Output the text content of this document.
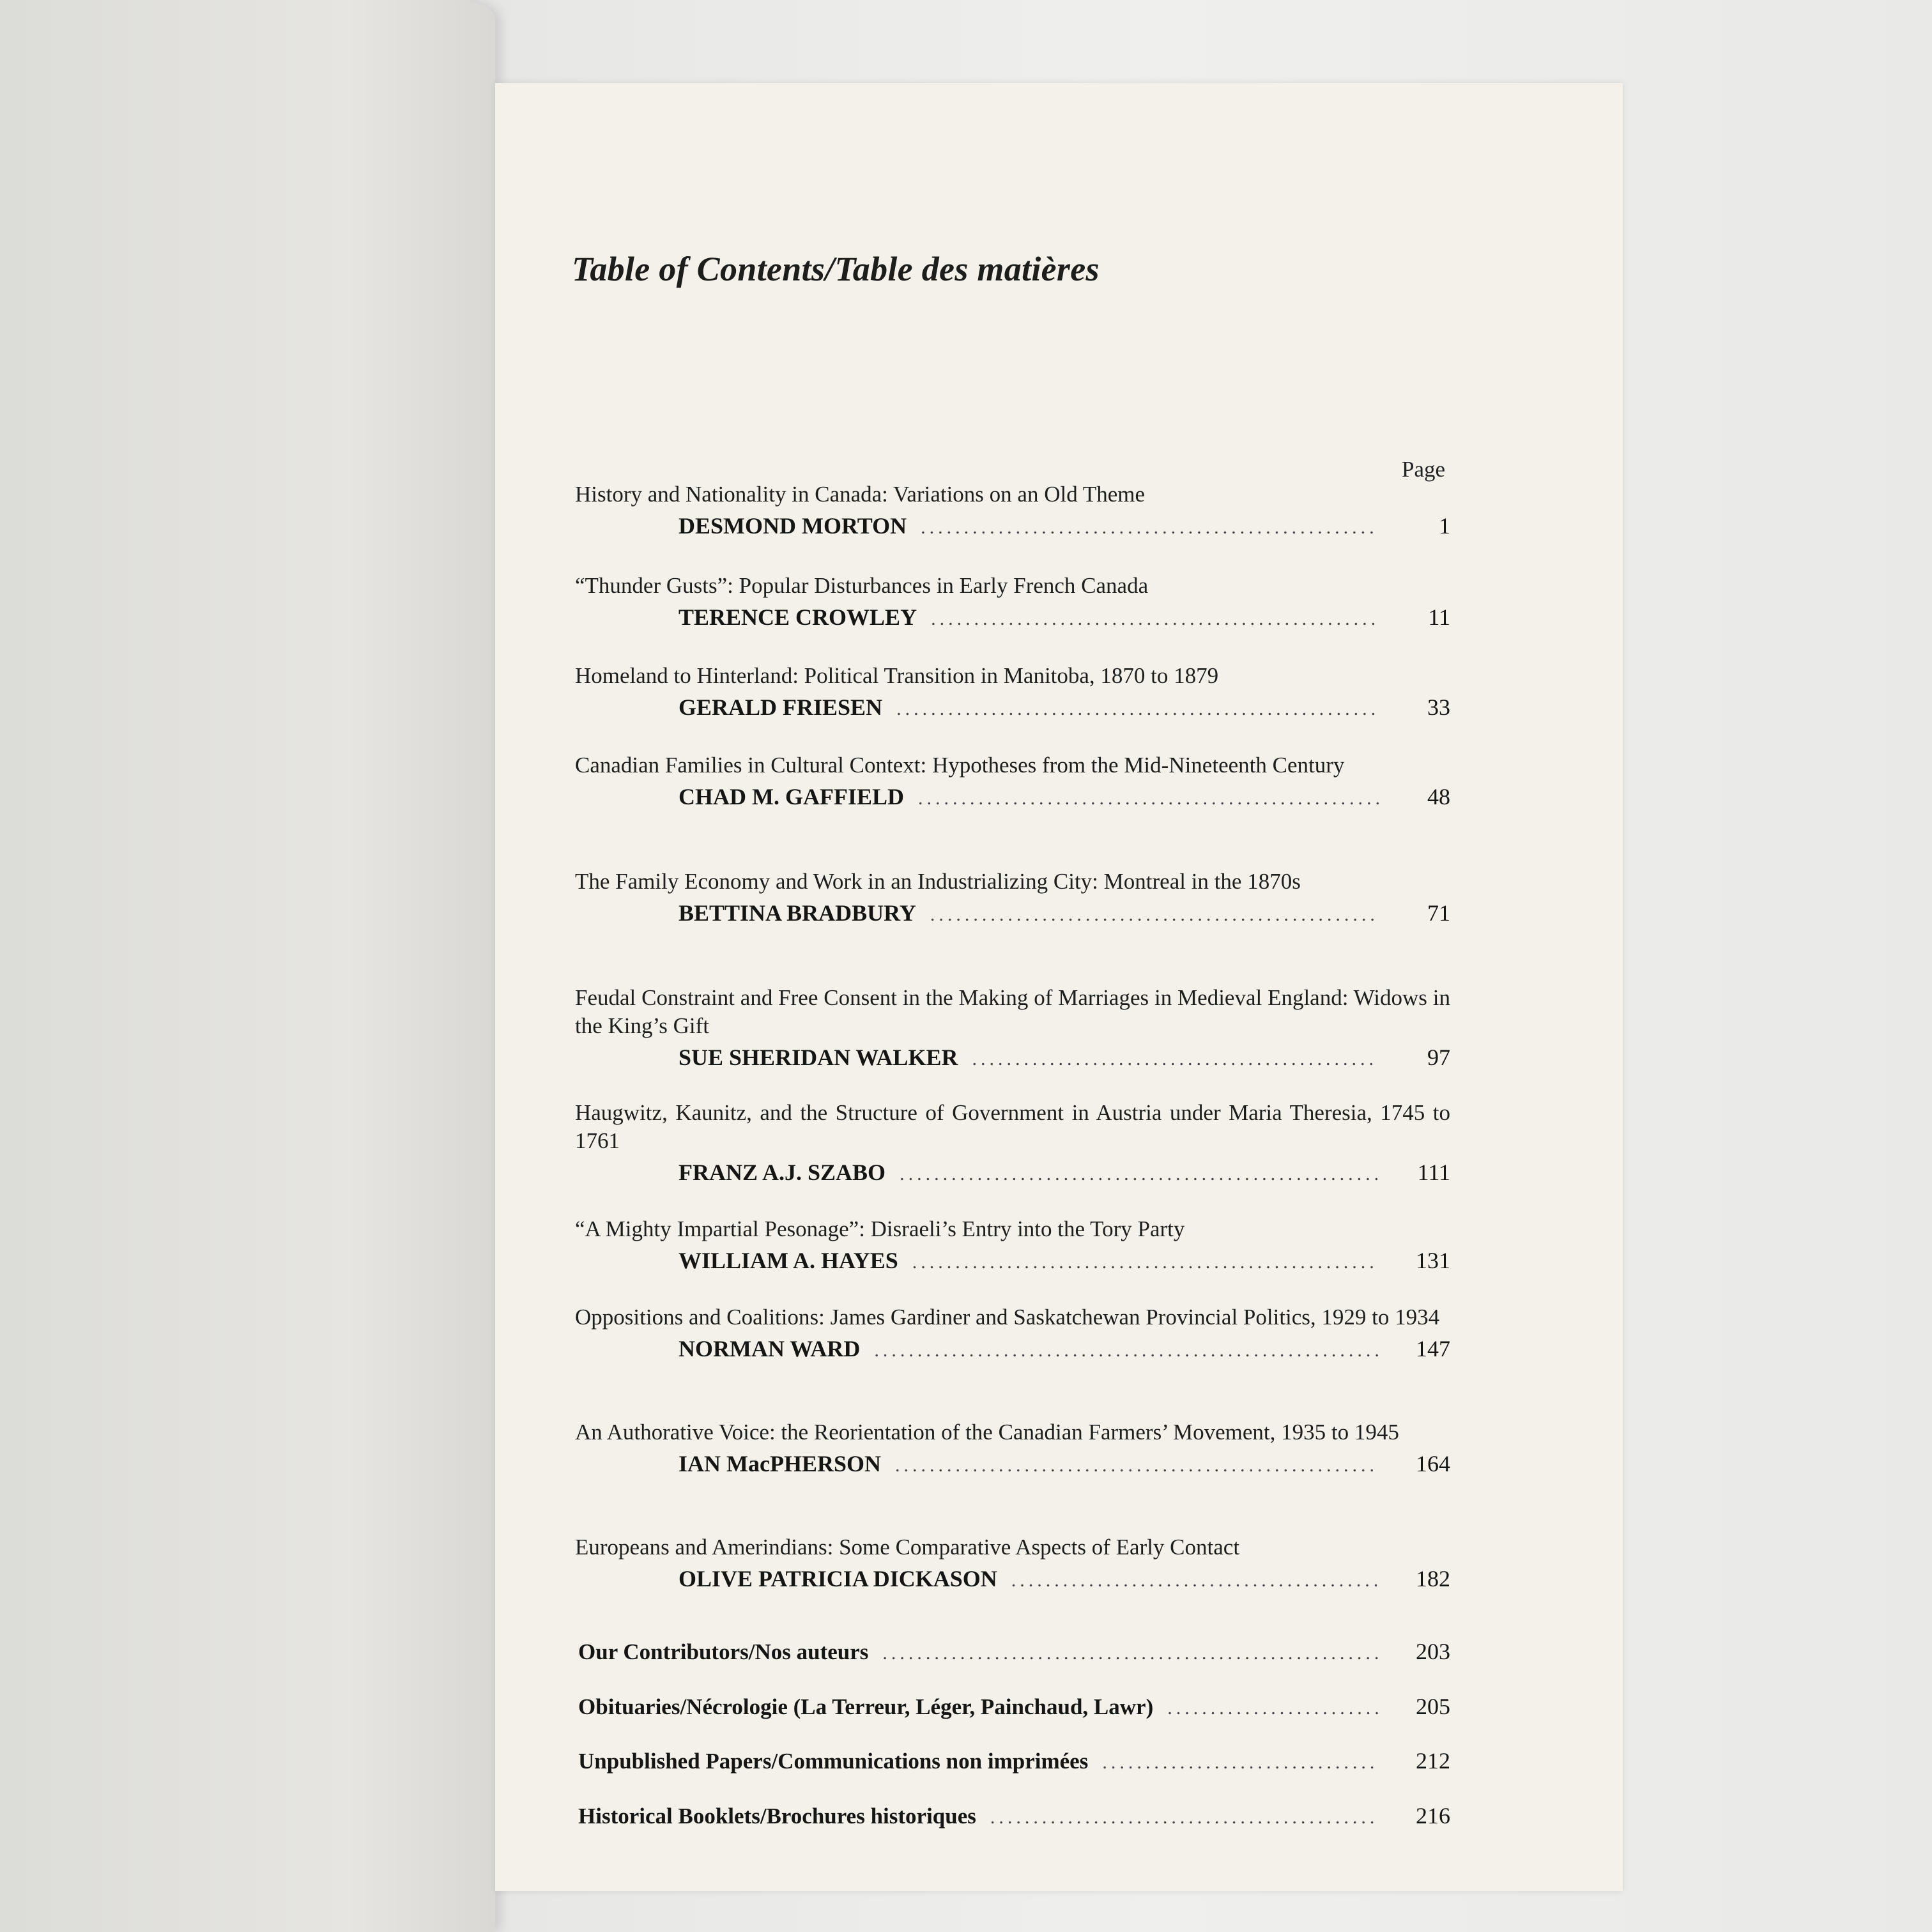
Table of Contents/Table des matières
Page
History and Nationality in Canada: Variations on an Old Theme
DESMOND MORTON .....	1
“Thunder Gusts”: Popular Disturbances in Early French Canada
TERENCE CROWLEY .....	11
Homeland to Hinterland: Political Transition in Manitoba, 1870 to 1879
GERALD FRIESEN .....	33
Canadian Families in Cultural Context: Hypotheses from the Mid-Nineteenth Century
CHAD M. GAFFIELD .....	48
The Family Economy and Work in an Industrializing City: Montreal in the 1870s
BETTINA BRADBURY .....	71
Feudal Constraint and Free Consent in the Making of Marriages in Medieval England: Widows in the King’s Gift
SUE SHERIDAN WALKER .....	97
Haugwitz, Kaunitz, and the Structure of Government in Austria under Maria Theresia, 1745 to 1761
FRANZ A.J. SZABO .....	111
“A Mighty Impartial Pesonage”: Disraeli’s Entry into the Tory Party
WILLIAM A. HAYES .....	131
Oppositions and Coalitions: James Gardiner and Saskatchewan Provincial Politics, 1929 to 1934
NORMAN WARD .....	147
An Authorative Voice: the Reorientation of the Canadian Farmers’ Movement, 1935 to 1945
IAN MacPHERSON .....	164
Europeans and Amerindians: Some Comparative Aspects of Early Contact
OLIVE PATRICIA DICKASON .....	182
Our Contributors/Nos auteurs .....	203
Obituaries/Nécrologie (La Terreur, Léger, Painchaud, Lawr) .....	205
Unpublished Papers/Communications non imprimées .....	212
Historical Booklets/Brochures historiques .....	216
